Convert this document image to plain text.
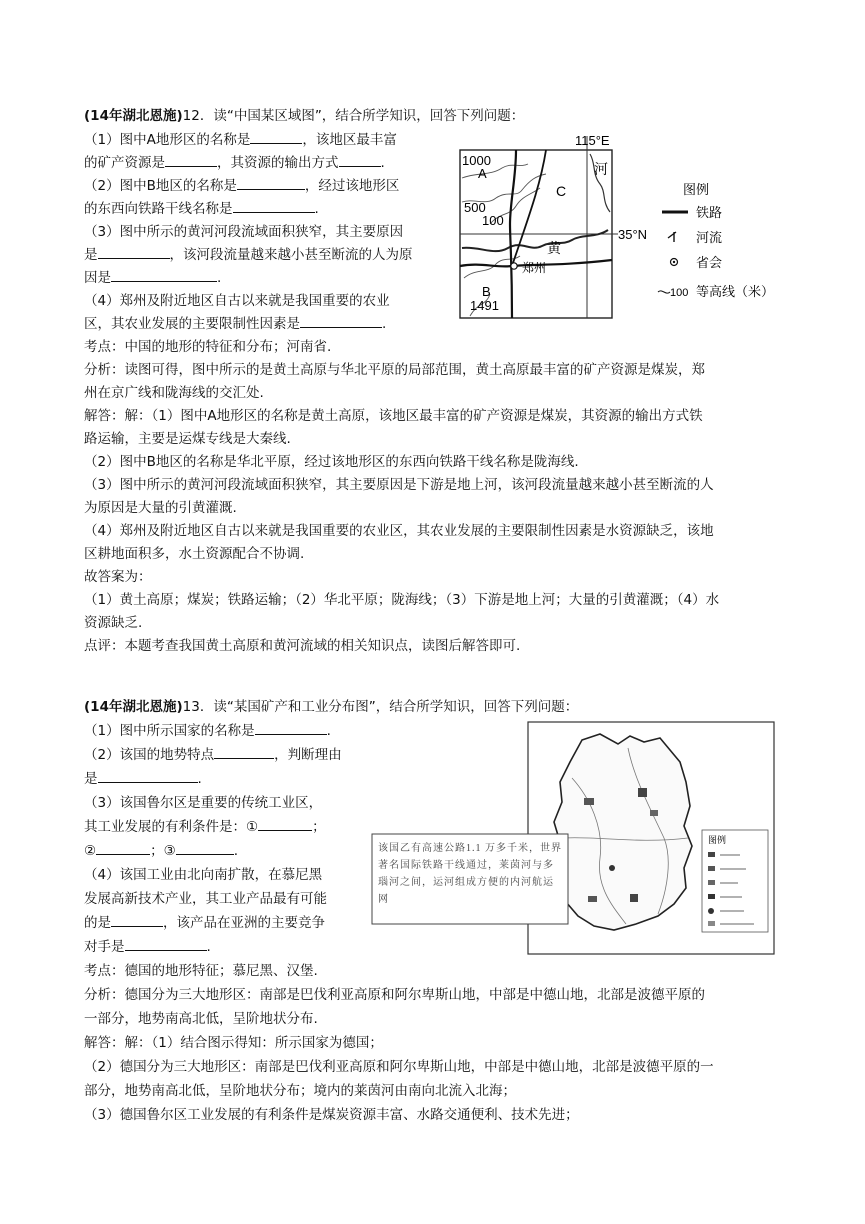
(14年湖北恩施)12．读“中国某区域图”，结合所学知识，回答下列问题：
（1）图中A地形区的名称是	，该地区最丰富
的矿产资源是	，其资源的输出方式	.
（2）图中B地区的名称是	，经过该地形区
的东西向铁路干线名称是	.
（3）图中所示的黄河河段流域面积狭窄，其主要原因
是	，该河段流量越来越小甚至断流的人为原
因是	.
（4）郑州及附近地区自古以来就是我国重要的农业
区，其农业发展的主要限制性因素是	.
考点：中国的地形的特征和分布；河南省.
分析：读图可得，图中所示的是黄土高原与华北平原的局部范围，黄土高原最丰富的矿产资源是煤炭，郑
州在京广线和陇海线的交汇处.
解答：解：（1）图中A地形区的名称是黄土高原，该地区最丰富的矿产资源是煤炭，其资源的输出方式铁
路运输，主要是运煤专线是大秦线.
（2）图中B地区的名称是华北平原，经过该地形区的东西向铁路干线名称是陇海线.
（3）图中所示的黄河河段流域面积狭窄，其主要原因是下游是地上河，该河段流量越来越小甚至断流的人
为原因是大量的引黄灌溉.
（4）郑州及附近地区自古以来就是我国重要的农业区，其农业发展的主要限制性因素是水资源缺乏，该地
区耕地面积多，水土资源配合不协调.
故答案为：
（1）黄土高原；煤炭；铁路运输；（2）华北平原；陇海线；（3）下游是地上河；大量的引黄灌溉；（4）水
资源缺乏.
点评：本题考查我国黄土高原和黄河流域的相关知识点，读图后解答即可.
115°E
35°N
1000
A
500
100
C
河
黄
郑州
B
1491
图例
铁路
河流
省会
100 等高线（米）
(14年湖北恩施)13．读“某国矿产和工业分布图”，结合所学知识，回答下列问题：
（1）图中所示国家的名称是	.
（2）该国的地势特点	，判断理由
是	.
（3）该国鲁尔区是重要的传统工业区，
其工业发展的有利条件是：①	；
②	；③	.
（4）该国工业由北向南扩散，在慕尼黑
发展高新技术产业，其工业产品最有可能
的是	，该产品在亚洲的主要竞争
对手是	.
考点：德国的地形特征；慕尼黑、汉堡.
分析：德国分为三大地形区：南部是巴伐利亚高原和阿尔卑斯山地，中部是中德山地，北部是波德平原的
一部分，地势南高北低，呈阶地状分布.
解答：解：（1）结合图示得知：所示国家为德国；
（2）德国分为三大地形区：南部是巴伐利亚高原和阿尔卑斯山地，中部是中德山地，北部是波德平原的一
部分，地势南高北低，呈阶地状分布；境内的莱茵河由南向北流入北海；
（3）德国鲁尔区工业发展的有利条件是煤炭资源丰富、水路交通便利、技术先进；
图例
该国乙有高速公路1.1 万多千米，世界著名国际铁路干线通过，莱茵河与多瑙河之间，运河组成方便的内河航运网
